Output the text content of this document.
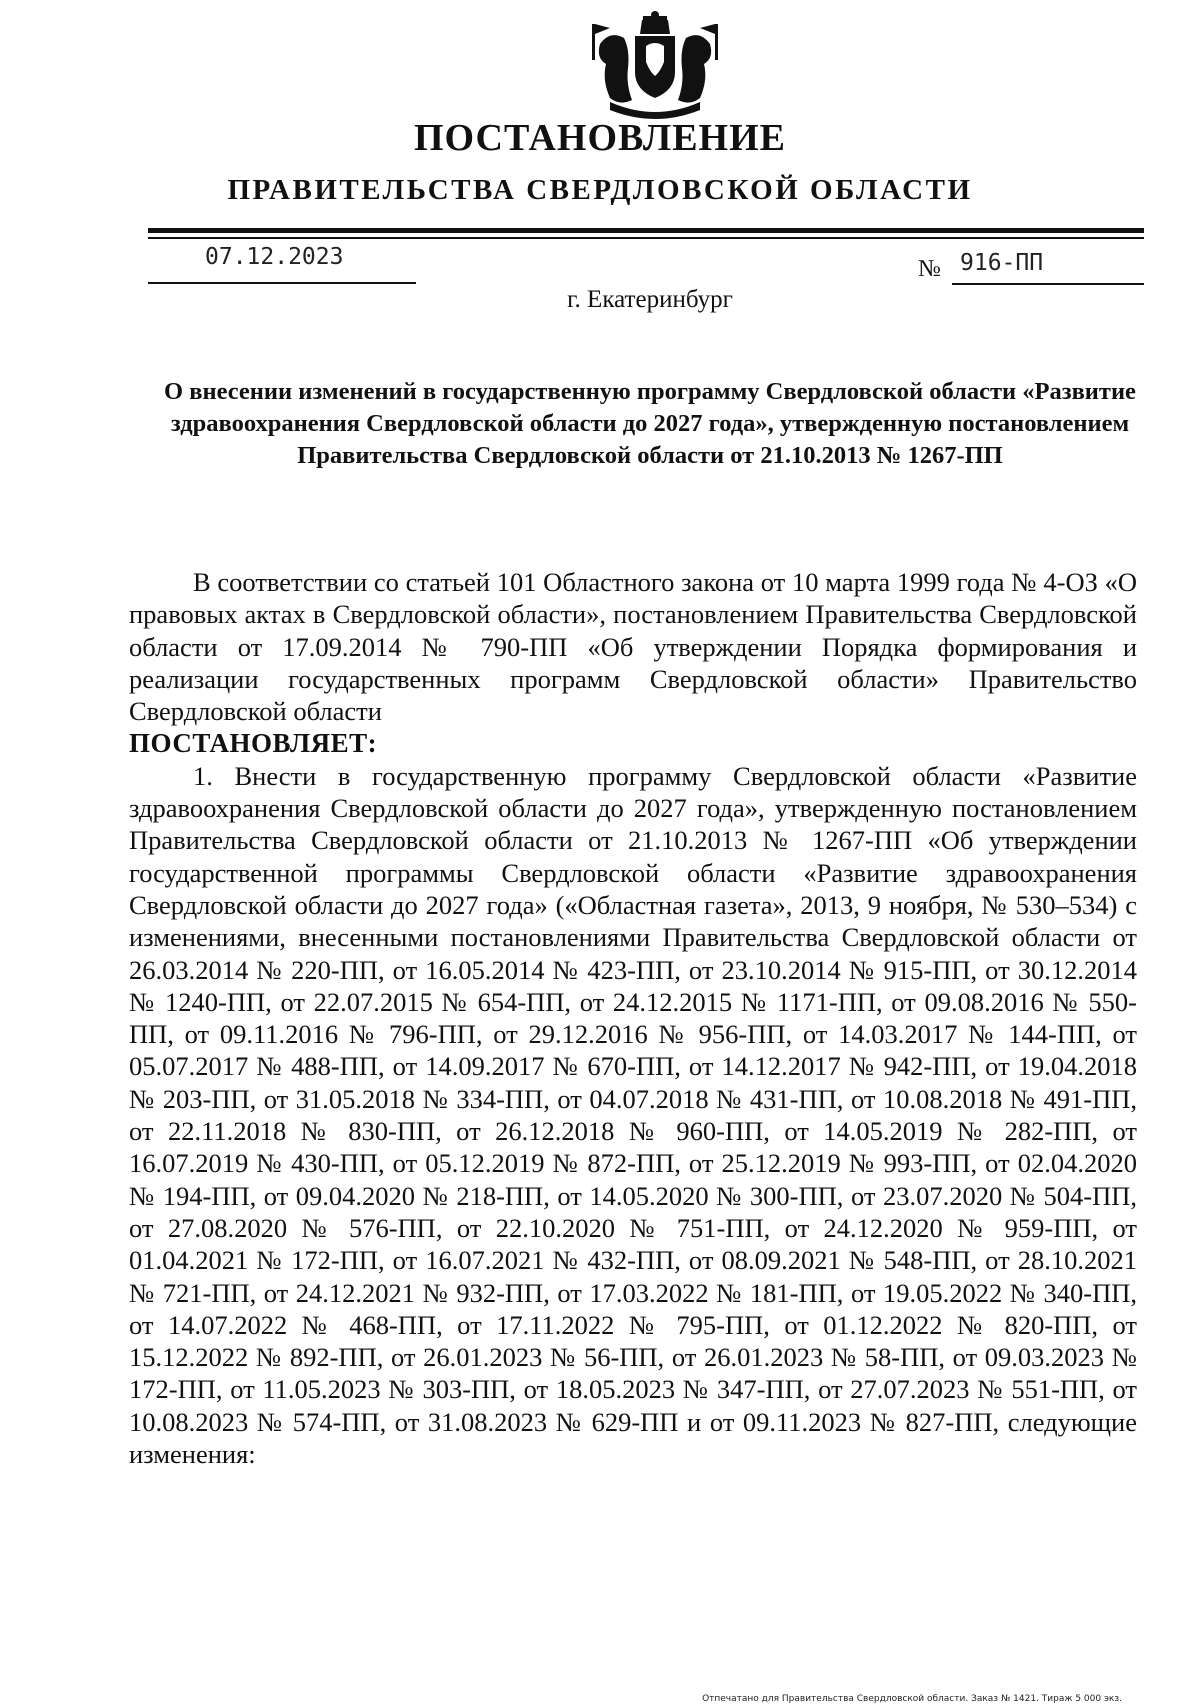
ПОСТАНОВЛЕНИЕ
ПРАВИТЕЛЬСТВА СВЕРДЛОВСКОЙ ОБЛАСТИ
07.12.2023	№ 916-ПП
г. Екатеринбург
О внесении изменений в государственную программу Свердловской области «Развитие здравоохранения Свердловской области до 2027 года», утвержденную постановлением Правительства Свердловской области от 21.10.2013 № 1267-ПП

В соответствии со статьей 101 Областного закона от 10 марта 1999 года № 4-ОЗ «О правовых актах в Свердловской области», постановлением Правительства Свердловской области от 17.09.2014 № 790-ПП «Об утверждении Порядка формирования и реализации государственных программ Свердловской области» Правительство Свердловской области

ПОСТАНОВЛЯЕТ:

1. Внести в государственную программу Свердловской области «Развитие здравоохранения Свердловской области до 2027 года», утвержденную постановлением Правительства Свердловской области от 21.10.2013 № 1267-ПП «Об утверждении государственной программы Свердловской области «Развитие здравоохранения Свердловской области до 2027 года» («Областная газета», 2013, 9 ноября, № 530–534) с изменениями, внесенными постановлениями Правительства Свердловской области от 26.03.2014 № 220-ПП, от 16.05.2014 № 423-ПП, от 23.10.2014 № 915-ПП, от 30.12.2014 № 1240-ПП, от 22.07.2015 № 654-ПП, от 24.12.2015 № 1171-ПП, от 09.08.2016 № 550-ПП, от 09.11.2016 № 796-ПП, от 29.12.2016 № 956-ПП, от 14.03.2017 № 144-ПП, от 05.07.2017 № 488-ПП, от 14.09.2017 № 670-ПП, от 14.12.2017 № 942-ПП, от 19.04.2018 № 203-ПП, от 31.05.2018 № 334-ПП, от 04.07.2018 № 431-ПП, от 10.08.2018 № 491-ПП, от 22.11.2018 № 830-ПП, от 26.12.2018 № 960-ПП, от 14.05.2019 № 282-ПП, от 16.07.2019 № 430-ПП, от 05.12.2019 № 872-ПП, от 25.12.2019 № 993-ПП, от 02.04.2020 № 194-ПП, от 09.04.2020 № 218-ПП, от 14.05.2020 № 300-ПП, от 23.07.2020 № 504-ПП, от 27.08.2020 № 576-ПП, от 22.10.2020 № 751-ПП, от 24.12.2020 № 959-ПП, от 01.04.2021 № 172-ПП, от 16.07.2021 № 432-ПП, от 08.09.2021 № 548-ПП, от 28.10.2021 № 721-ПП, от 24.12.2021 № 932-ПП, от 17.03.2022 № 181-ПП, от 19.05.2022 № 340-ПП, от 14.07.2022 № 468-ПП, от 17.11.2022 № 795-ПП, от 01.12.2022 № 820-ПП, от 15.12.2022 № 892-ПП, от 26.01.2023 № 56-ПП, от 26.01.2023 № 58-ПП, от 09.03.2023 № 172-ПП, от 11.05.2023 № 303-ПП, от 18.05.2023 № 347-ПП, от 27.07.2023 № 551-ПП, от 10.08.2023 № 574-ПП, от 31.08.2023 № 629-ПП и от 09.11.2023 № 827-ПП, следующие изменения:

Отпечатано для Правительства Свердловской области. Заказ № 1421. Тираж 5 000 экз.
